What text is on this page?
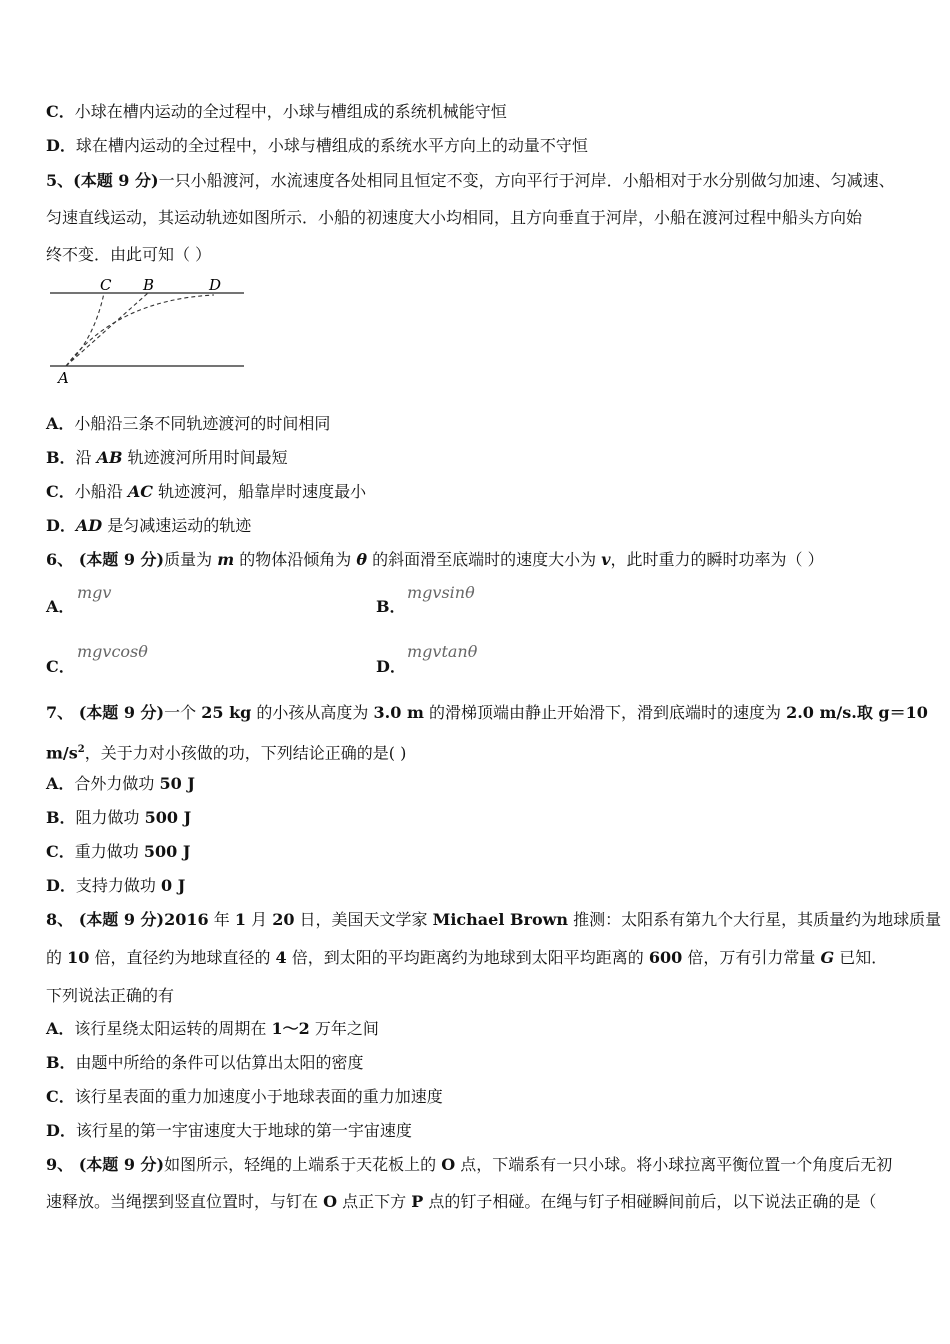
C．小球在槽内运动的全过程中，小球与槽组成的系统机械能守恒
D．球在槽内运动的全过程中，小球与槽组成的系统水平方向上的动量不守恒
5、(本题 9 分)一只小船渡河，水流速度各处相同且恒定不变，方向平行于河岸．小船相对于水分别做匀加速、匀减速、
匀速直线运动，其运动轨迹如图所示．小船的初速度大小均相同，且方向垂直于河岸，小船在渡河过程中船头方向始
终不变．由此可知（ ）
C B	D
A
A．小船沿三条不同轨迹渡河的时间相同
B．沿 AB 轨迹渡河所用时间最短
C．小船沿 AC 轨迹渡河，船靠岸时速度最小
D．AD 是匀减速运动的轨迹
6、 (本题 9 分)质量为 m 的物体沿倾角为 θ 的斜面滑至底端时的速度大小为 v，此时重力的瞬时功率为（ ）
A．
mgv
B．
mgvsinθ
C．
mgvcosθ
D．
mgvtanθ
7、 (本题 9 分)一个 25 kg 的小孩从高度为 3.0 m 的滑梯顶端由静止开始滑下，滑到底端时的速度为 2.0 m/s.取 g＝10
$m/s^2$，关于力对小孩做的功，下列结论正确的是( )
A．合外力做功 50 J
B．阻力做功 500 J
C．重力做功 500 J
D．支持力做功 0 J
8、 (本题 9 分)2016 年 1 月 20 日，美国天文学家 Michael Brown 推测：太阳系有第九个大行星，其质量约为地球质量
的 10 倍，直径约为地球直径的 4 倍，到太阳的平均距离约为地球到太阳平均距离的 600 倍，万有引力常量 G 已知．
下列说法正确的有
A．该行星绕太阳运转的周期在 1～2 万年之间
B．由题中所给的条件可以估算出太阳的密度
C．该行星表面的重力加速度小于地球表面的重力加速度
D．该行星的第一宇宙速度大于地球的第一宇宙速度
9、 (本题 9 分)如图所示，轻绳的上端系于天花板上的 O 点，下端系有一只小球。将小球拉离平衡位置一个角度后无初
速释放。当绳摆到竖直位置时，与钉在 O 点正下方 P 点的钉子相碰。在绳与钉子相碰瞬间前后，以下说法正确的是（
